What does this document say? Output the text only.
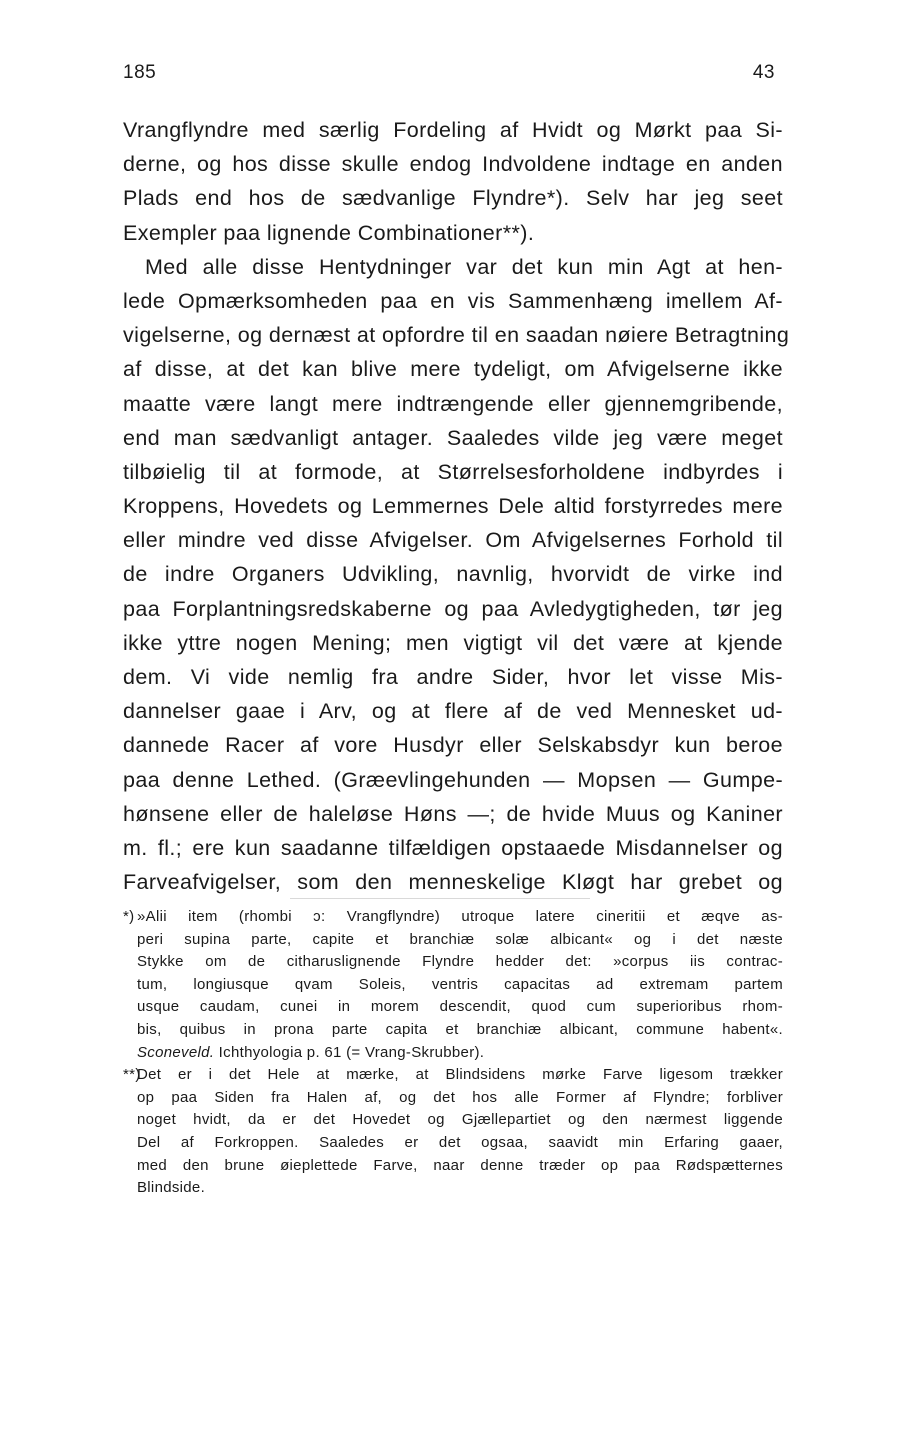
185	43
Vrangflyndre med særlig Fordeling af Hvidt og Mørkt paa Si-
derne, og hos disse skulle endog Indvoldene indtage en anden
Plads end hos de sædvanlige Flyndre*). Selv har jeg seet
Exempler paa lignende Combinationer**).
Med alle disse Hentydninger var det kun min Agt at hen-
lede Opmærksomheden paa en vis Sammenhæng imellem Af-
vigelserne, og dernæst at opfordre til en saadan nøiere Betragtning
af disse, at det kan blive mere tydeligt, om Afvigelserne ikke
maatte være langt mere indtrængende eller gjennemgribende,
end man sædvanligt antager. Saaledes vilde jeg være meget
tilbøielig til at formode, at Størrelsesforholdene indbyrdes i
Kroppens, Hovedets og Lemmernes Dele altid forstyrredes mere
eller mindre ved disse Afvigelser. Om Afvigelsernes Forhold til
de indre Organers Udvikling, navnlig, hvorvidt de virke ind
paa Forplantningsredskaberne og paa Avledygtigheden, tør jeg
ikke yttre nogen Mening; men vigtigt vil det være at kjende
dem. Vi vide nemlig fra andre Sider, hvor let visse Mis-
dannelser gaae i Arv, og at flere af de ved Mennesket ud-
dannede Racer af vore Husdyr eller Selskabsdyr kun beroe
paa denne Lethed. (Græevlingehunden — Mopsen — Gumpe-
hønsene eller de haleløse Høns —; de hvide Muus og Kaniner
m. fl.; ere kun saadanne tilfældigen opstaaede Misdannelser og
Farveafvigelser, som den menneskelige Kløgt har grebet og
*) »Alii item (rhombi ɔ: Vrangflyndre) utroque latere cineritii et æqve as-
peri supina parte, capite et branchiæ solæ albicant« og i det næste
Stykke om de citharuslignende Flyndre hedder det: »corpus iis contrac-
tum, longiusque qvam Soleis, ventris capacitas ad extremam partem
usque caudam, cunei in morem descendit, quod cum superioribus rhom-
bis, quibus in prona parte capita et branchiæ albicant, commune habent«.
Sconeveld. Ichthyologia p. 61 (= Vrang-Skrubber).
**)Det er i det Hele at mærke, at Blindsidens mørke Farve ligesom trækker
op paa Siden fra Halen af, og det hos alle Former af Flyndre; forbliver
noget hvidt, da er det Hovedet og Gjællepartiet og den nærmest liggende
Del af Forkroppen. Saaledes er det ogsaa, saavidt min Erfaring gaaer,
med den brune øieplettede Farve, naar denne træder op paa Rødspætternes
Blindside.
